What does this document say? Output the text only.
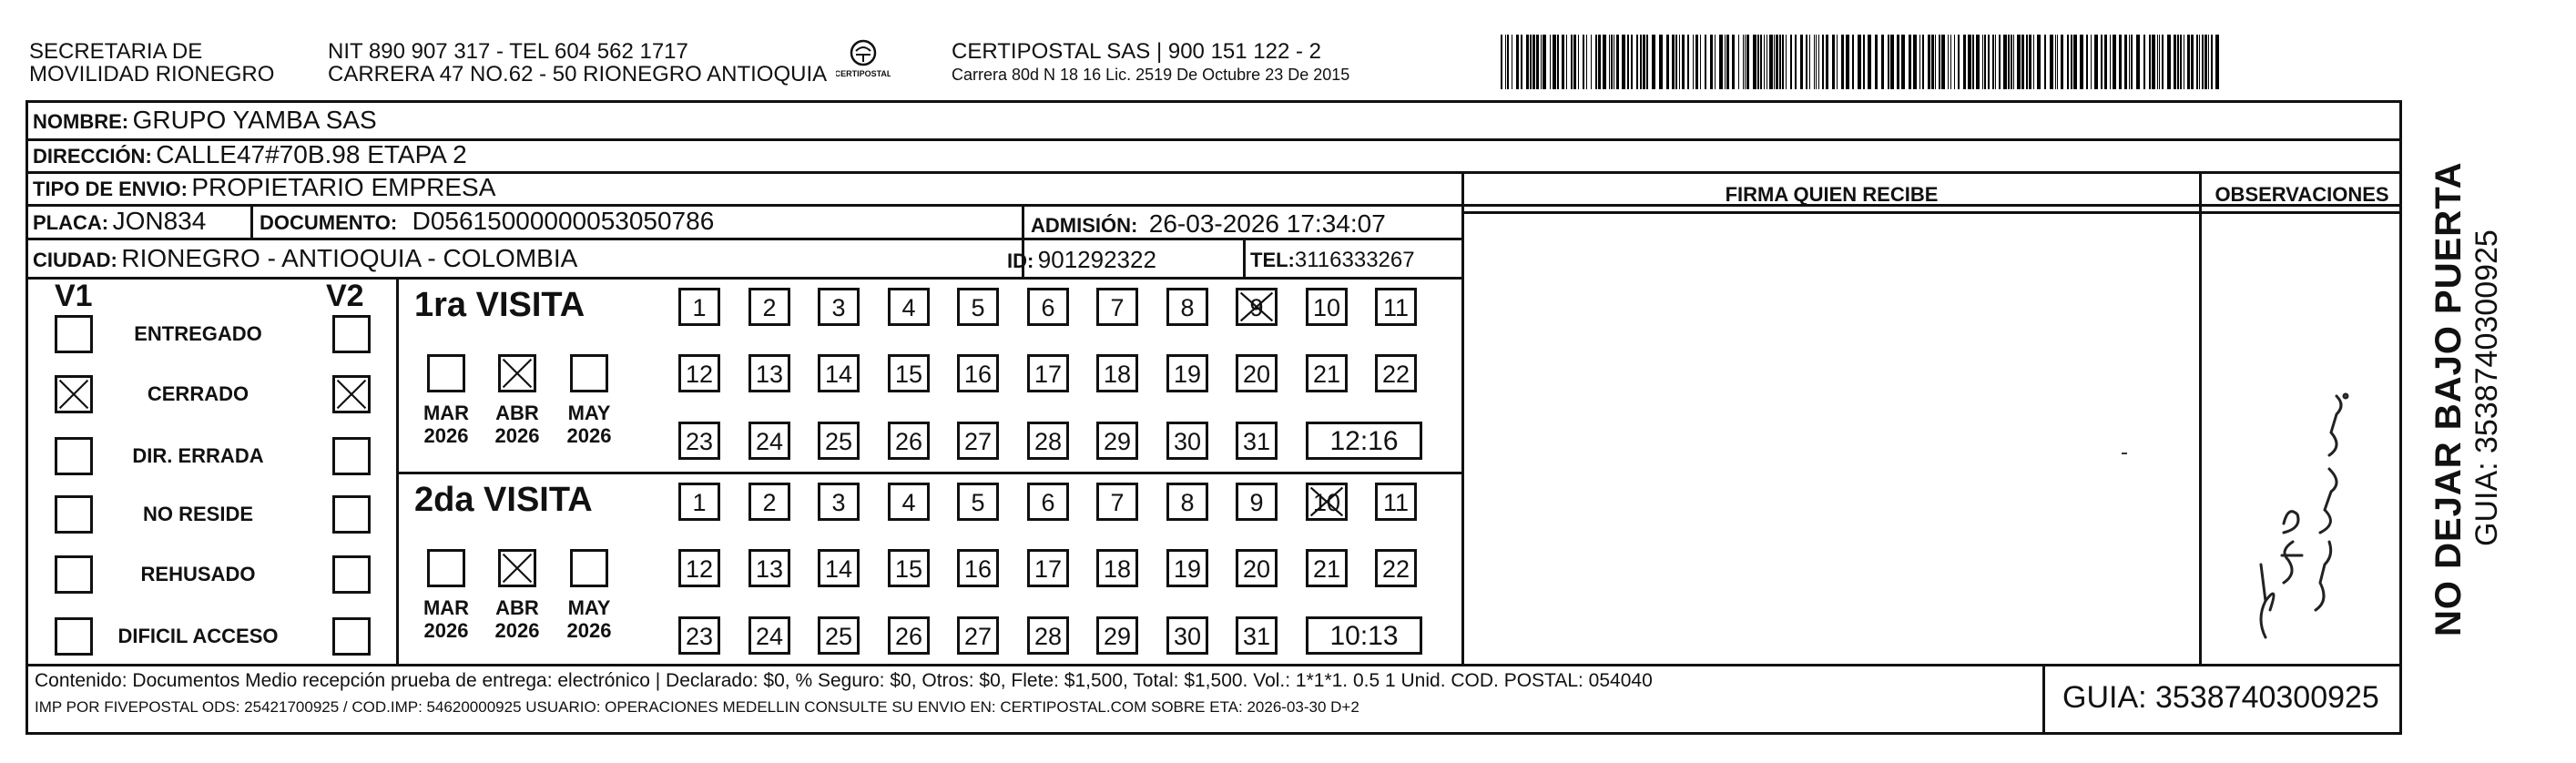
SECRETARIA DE
MOVILIDAD RIONEGRO
NIT 890 907 317 - TEL 604 562 1717
CARRERA 47 NO.62 - 50 RIONEGRO ANTIOQUIA CERTIPOSTAL
CERTIPOSTAL SAS | 900 151 122 - 2
Carrera 80d N 18 16 Lic. 2519 De Octubre 23 De 2015
NOMBRE: GRUPO YAMBA SAS
DIRECCIÓN: CALLE47#70B.98 ETAPA 2
TIPO DE ENVIO: PROPIETARIO EMPRESA
PLACA: JON834	DOCUMENTO: D05615000000053050786	ADMISIÓN: 26-03-2026 17:34:07
CIUDAD: RIONEGRO - ANTIOQUIA - COLOMBIA	ID: 901292322	TEL:3116333267
FIRMA QUIEN RECIBE	OBSERVACIONES
V1	V2
ENTREGADO
CERRADO
DIR. ERRADA
NO RESIDE
REHUSADO
DIFICIL ACCESO
1ra VISITA
MAR
2026
ABR
2026
MAY
2026
1	2	3	4	5	6	7	8	9	10	11
12 13 14 15 16 17 18 19 20 21 22
23 24 25 26 27 28 29 30 31	12:16
2da VISITA
MAR
2026
ABR
2026
MAY
2026
1	2	3	4	5	6	7	8	9	10	11
12 13 14 15 16 17 18 19 20 21 22
23 24 25 26 27 28 29 30 31	10:13	NO DEJAR BAJO PUERTA GUIA: 3538740300925
Contenido: Documentos Medio recepción prueba de entrega: electrónico | Declarado: $0, % Seguro: $0, Otros: $0, Flete: $1,500, Total: $1,500. Vol.: 1*1*1. 0.5 1 Unid. COD. POSTAL: 054040
IMP POR FIVEPOSTAL ODS: 25421700925 / COD.IMP: 54620000925 USUARIO: OPERACIONES MEDELLIN CONSULTE SU ENVIO EN: CERTIPOSTAL.COM SOBRE ETA: 2026-03-30 D+2	GUIA: 3538740300925
